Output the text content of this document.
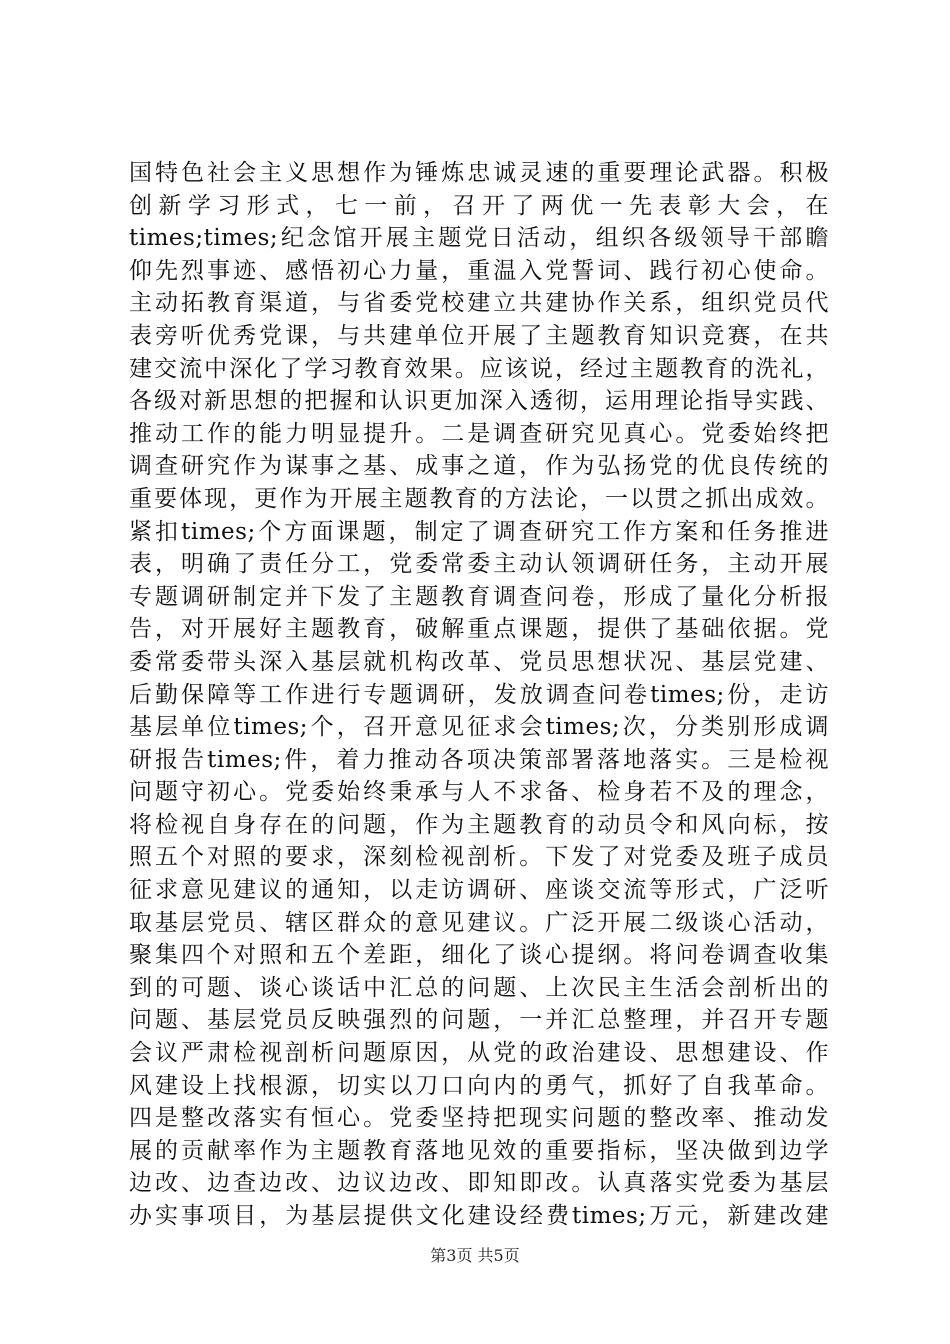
国特色社会主义思想作为锤炼忠诚灵速的重要理论武器。积极
创新学习形式，七一前，召开了两优一先表彰大会，在
times;times;纪念馆开展主题党日活动，组织各级领导干部瞻
仰先烈事迹、感悟初心力量，重温入党誓词、践行初心使命。
主动拓教育渠道，与省委党校建立共建协作关系，组织党员代
表旁听优秀党课，与共建单位开展了主题教育知识竞赛，在共
建交流中深化了学习教育效果。应该说，经过主题教育的洗礼，
各级对新思想的把握和认识更加深入透彻，运用理论指导实践、
推动工作的能力明显提升。二是调查研究见真心。党委始终把
调查研究作为谋事之基、成事之道，作为弘扬党的优良传统的
重要体现，更作为开展主题教育的方法论，一以贯之抓出成效。
紧扣times;个方面课题，制定了调查研究工作方案和任务推进
表，明确了责任分工，党委常委主动认领调研任务，主动开展
专题调研制定并下发了主题教育调查问卷，形成了量化分析报
告，对开展好主题教育，破解重点课题，提供了基础依据。党
委常委带头深入基层就机构改革、党员思想状况、基层党建、
后勤保障等工作进行专题调研，发放调查问卷times;份，走访
基层单位times;个，召开意见征求会times;次，分类别形成调
研报告times;件，着力推动各项决策部署落地落实。三是检视
问题守初心。党委始终秉承与人不求备、检身若不及的理念，
将检视自身存在的问题，作为主题教育的动员令和风向标，按
照五个对照的要求，深刻检视剖析。下发了对党委及班子成员
征求意见建议的通知，以走访调研、座谈交流等形式，广泛听
取基层党员、辖区群众的意见建议。广泛开展二级谈心活动，
聚集四个对照和五个差距，细化了谈心提纲。将问卷调查收集
到的可题、谈心谈话中汇总的问题、上次民主生活会剖析出的
问题、基层党员反映强烈的问题，一并汇总整理，并召开专题
会议严肃检视剖析问题原因，从党的政治建设、思想建设、作
风建设上找根源，切实以刀口向内的勇气，抓好了自我革命。
四是整改落实有恒心。党委坚持把现实问题的整改率、推动发
展的贡献率作为主题教育落地见效的重要指标，坚决做到边学
边改、边查边改、边议边改、即知即改。认真落实党委为基层
办实事项目，为基层提供文化建设经费times;万元，新建改建
第3页 共5页
